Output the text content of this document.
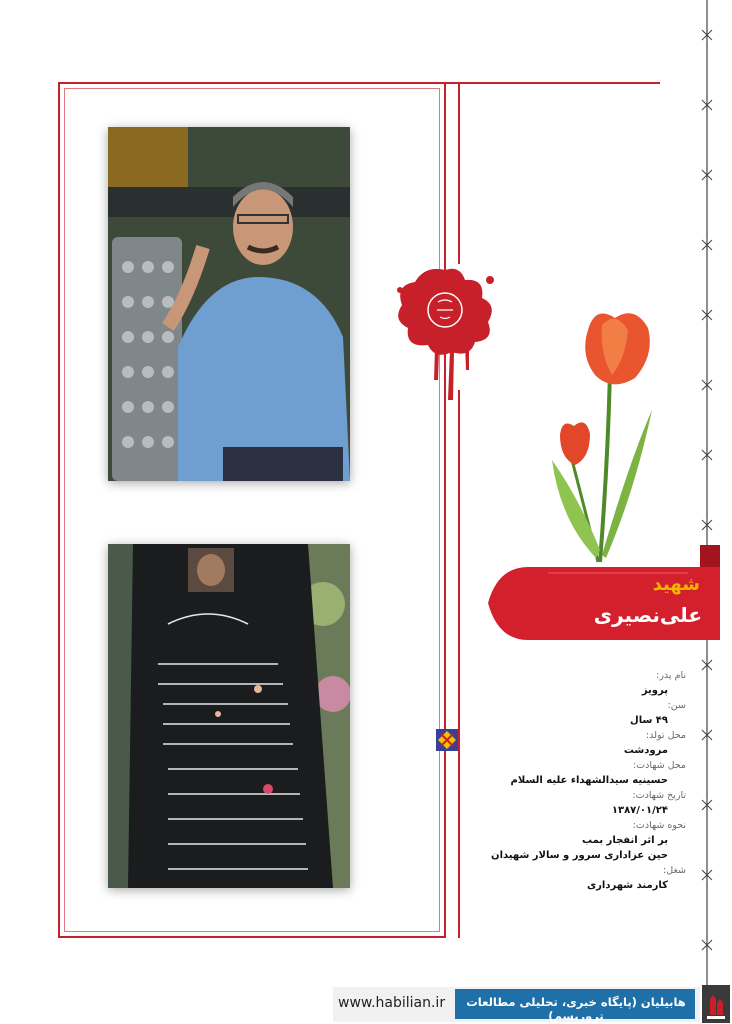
شهید
علی‌نصیری
نام پدر:
پرویز
سن:
۴۹ سال
محل تولد:
مرودشت
محل شهادت:
حسینیه سیدالشهداء علیه السلام
تاریخ شهادت:
۱۳۸۷/۰۱/۲۴
نحوه شهادت:
بر اثر انفجار بمب
حین عزاداری سرور و سالار شهیدان
شغل:
کارمند شهرداری
www.habilian.ir	هابیلیان (پایگاه خبری، تحلیلی مطالعات تروریسم)
